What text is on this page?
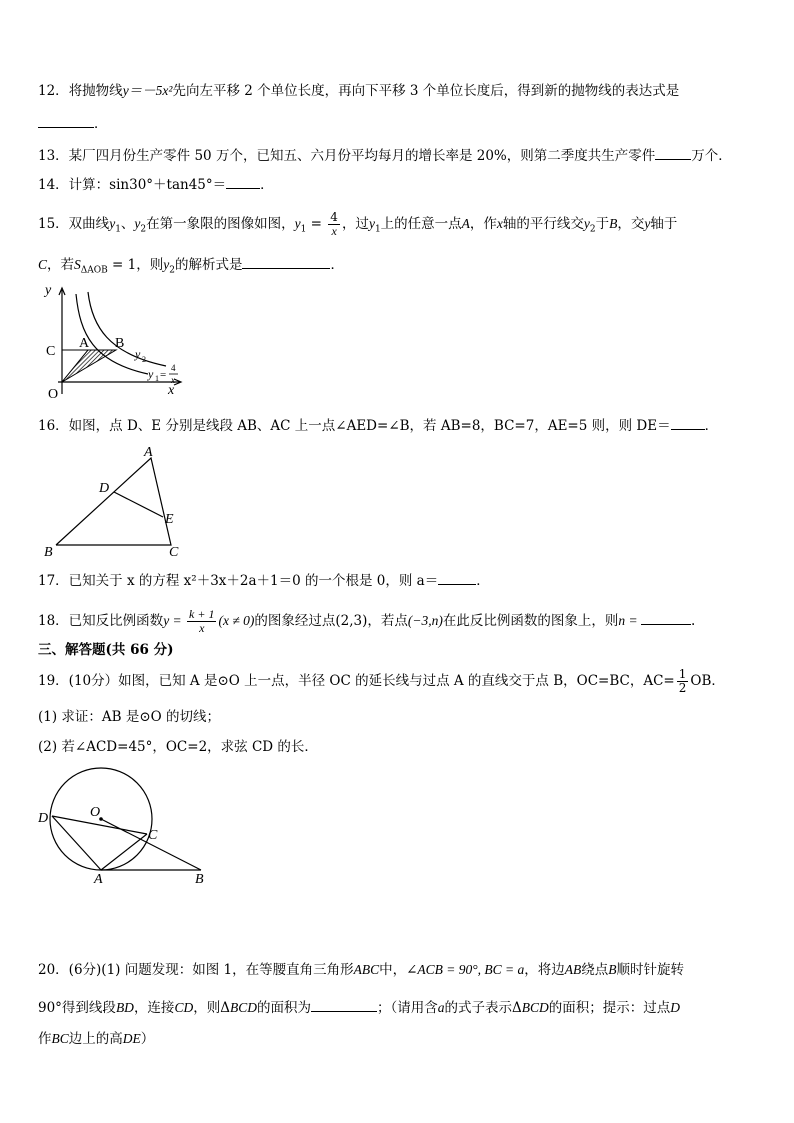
12．将抛物线y＝－5x²先向左平移 2 个单位长度，再向下平移 3 个单位长度后，得到新的抛物线的表达式是
．
13．某厂四月份生产零件 50 万个，已知五、六月份平均每月的增长率是 20%，则第二季度共生产零件	万个．
14．计算：sin30°＋tan45°＝	．
15．双曲线$y_1$、$y_2$在第一象限的图像如图，$y_1 = \frac{4}{x}$ ，过$y_1$上的任意一点A，作x轴的平行线交$y_2$于B，交y轴于
C，若$S_{\Delta AOB} = 1$，则$y_2$的解析式是	．
y
x
C
A B
O
y 2
y 1 =
4
x
16．如图，点 D、E 分别是线段 AB、AC 上一点∠AED=∠B，若 AB=8，BC=7，AE=5 则，则 DE＝	．
A
B	C
D
E
17．已知关于 x 的方程 x²＋3x＋2a＋1＝0 的一个根是 0，则 a＝	．
18．已知反比例函数$y = \frac{k + 1}{x} (x \ne 0)$的图象经过点(2,3)，若点(−3,n)在此反比例函数的图象上，则n =	.
三、解答题(共 66 分)
19．(10分）如图，已知 A 是⊙O 上一点，半径 OC 的延长线与过点 A 的直线交于点 B，OC=BC，$AC= \frac{1}{2}$ OB．
(1) 求证：AB 是⊙O 的切线；
(2) 若∠ACD=45°，OC=2，求弦 CD 的长．
D	O
C
A	B
20．(6分)(1) 问题发现：如图 1，在等腰直角三角形ABC中，∠ACB = 90°, BC = a，将边AB绕点B顺时针旋转
90°得到线段BD，连接CD，则ΔBCD的面积为	；（请用含a的式子表示ΔBCD的面积；提示：过点D
作BC边上的高DE）
